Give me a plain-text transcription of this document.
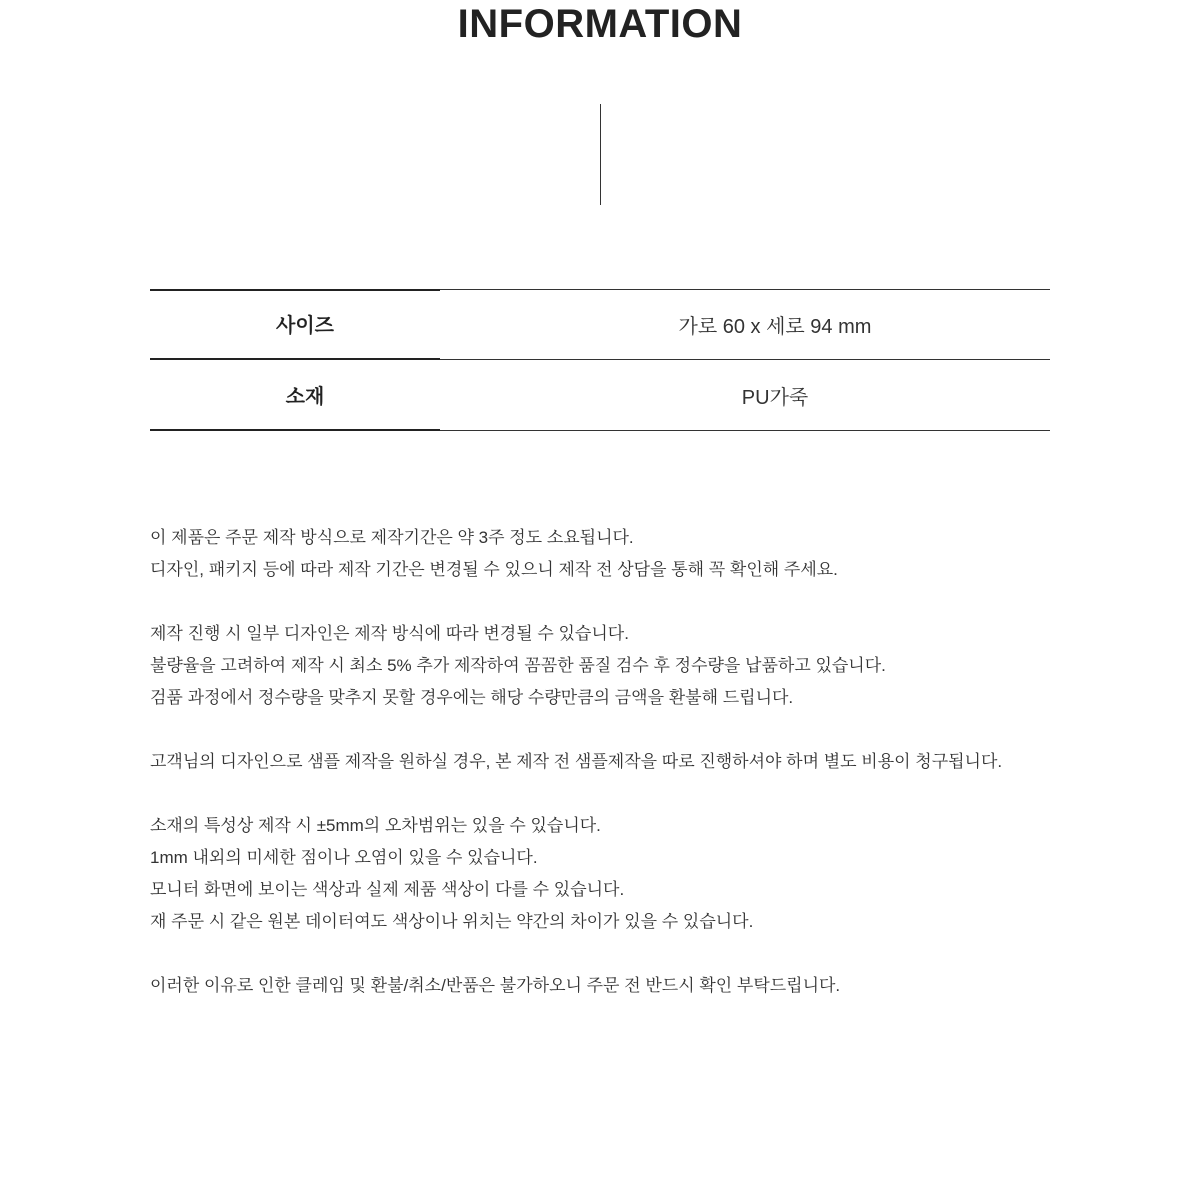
INFORMATION
사이즈	가로 60 x 세로 94 mm
소재	PU가죽

이 제품은 주문 제작 방식으로 제작기간은 약 3주 정도 소요됩니다.

디자인, 패키지 등에 따라 제작 기간은 변경될 수 있으니 제작 전 상담을 통해 꼭 확인해 주세요.

제작 진행 시 일부 디자인은 제작 방식에 따라 변경될 수 있습니다.

불량율을 고려하여 제작 시 최소 5% 추가 제작하여 꼼꼼한 품질 검수 후 정수량을 납품하고 있습니다.

검품 과정에서 정수량을 맞추지 못할 경우에는 해당 수량만큼의 금액을 환불해 드립니다.

고객님의 디자인으로 샘플 제작을 원하실 경우, 본 제작 전 샘플제작을 따로 진행하셔야 하며 별도 비용이 청구됩니다.

소재의 특성상 제작 시 ±5mm의 오차범위는 있을 수 있습니다.

1mm 내외의 미세한 점이나 오염이 있을 수 있습니다.

모니터 화면에 보이는 색상과 실제 제품 색상이 다를 수 있습니다.

재 주문 시 같은 원본 데이터여도 색상이나 위치는 약간의 차이가 있을 수 있습니다.

이러한 이유로 인한 클레임 및 환불/취소/반품은 불가하오니 주문 전 반드시 확인 부탁드립니다.
